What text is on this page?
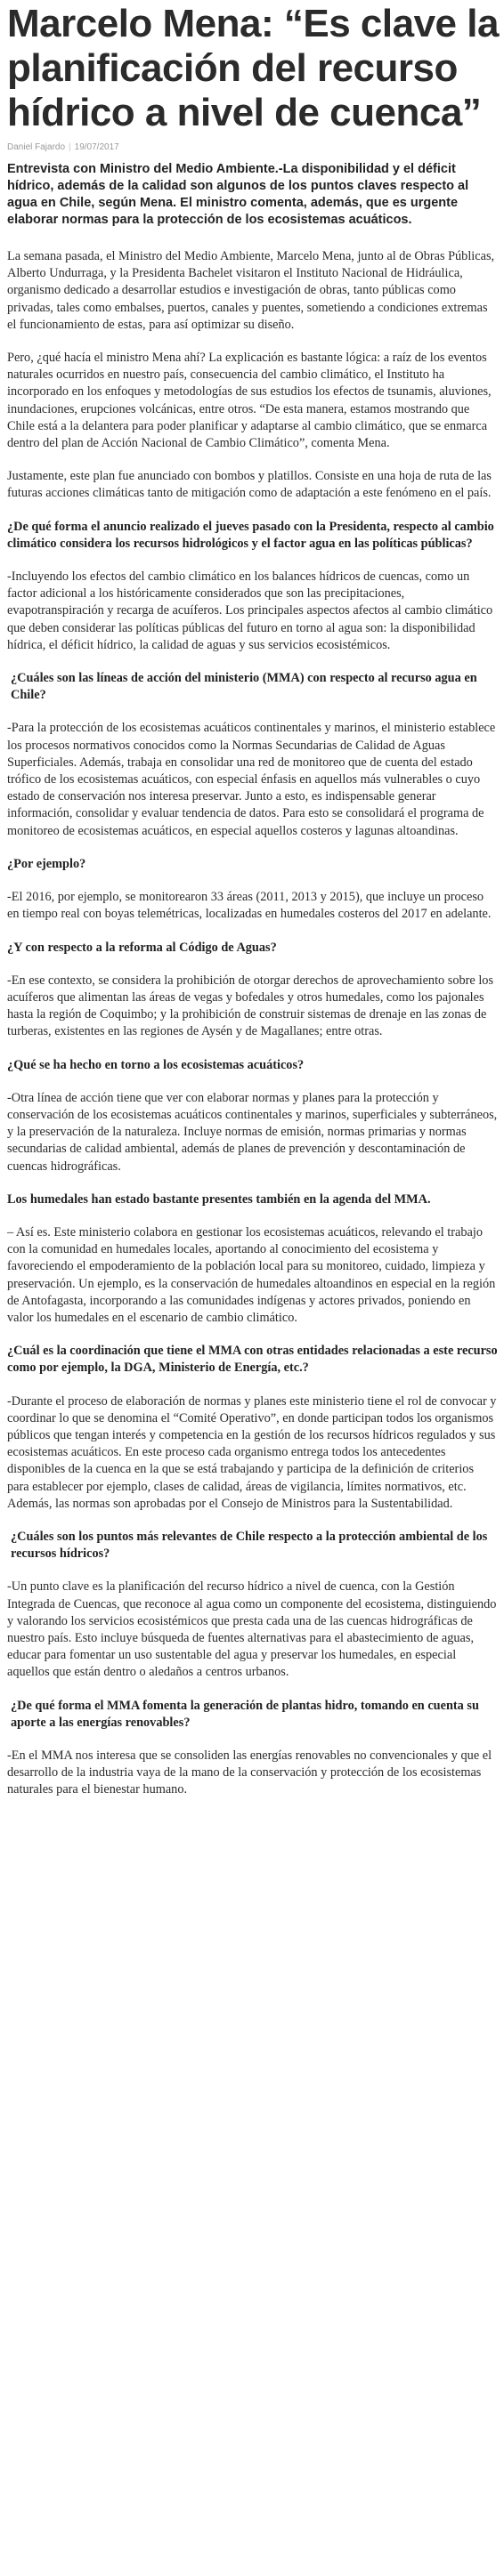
Marcelo Mena: “Es clave la planificación del recurso hídrico a nivel de cuenca”
Daniel Fajardo | 19/07/2017
Entrevista con Ministro del Medio Ambiente.-La disponibilidad y el déficit hídrico, además de la calidad son algunos de los puntos claves respecto al agua en Chile, según Mena. El ministro comenta, además, que es urgente elaborar normas para la protección de los ecosistemas acuáticos.

La semana pasada, el Ministro del Medio Ambiente, Marcelo Mena, junto al de Obras Públicas, Alberto Undurraga, y la Presidenta Bachelet visitaron el Instituto Nacional de Hidráulica, organismo dedicado a desarrollar estudios e investigación de obras, tanto públicas como privadas, tales como embalses, puertos, canales y puentes, sometiendo a condiciones extremas el funcionamiento de estas, para así optimizar su diseño.

Pero, ¿qué hacía el ministro Mena ahí? La explicación es bastante lógica: a raíz de los eventos naturales ocurridos en nuestro país, consecuencia del cambio climático, el Instituto ha incorporado en los enfoques y metodologías de sus estudios los efectos de tsunamis, aluviones, inundaciones, erupciones volcánicas, entre otros. “De esta manera, estamos mostrando que Chile está a la delantera para poder planificar y adaptarse al cambio climático, que se enmarca dentro del plan de Acción Nacional de Cambio Climático”, comenta Mena.

Justamente, este plan fue anunciado con bombos y platillos. Consiste en una hoja de ruta de las futuras acciones climáticas tanto de mitigación como de adaptación a este fenómeno en el país.

¿De qué forma el anuncio realizado el jueves pasado con la Presidenta, respecto al cambio climático considera los recursos hidrológicos y el factor agua en las políticas públicas?

-Incluyendo los efectos del cambio climático en los balances hídricos de cuencas, como un factor adicional a los históricamente considerados que son las precipitaciones, evapotranspiración y recarga de acuíferos. Los principales aspectos afectos al cambio climático que deben considerar las políticas públicas del futuro en torno al agua son: la disponibilidad hídrica, el déficit hídrico, la calidad de aguas y sus servicios ecosistémicos.

¿Cuáles son las líneas de acción del ministerio (MMA) con respecto al recurso agua en Chile?

-Para la protección de los ecosistemas acuáticos continentales y marinos, el ministerio establece los procesos normativos conocidos como la Normas Secundarias de Calidad de Aguas Superficiales. Además, trabaja en consolidar una red de monitoreo que de cuenta del estado trófico de los ecosistemas acuáticos, con especial énfasis en aquellos más vulnerables o cuyo estado de conservación nos interesa preservar. Junto a esto, es indispensable generar información, consolidar y evaluar tendencia de datos. Para esto se consolidará el programa de monitoreo de ecosistemas acuáticos, en especial aquellos costeros y lagunas altoandinas.

¿Por ejemplo?

-El 2016, por ejemplo, se monitorearon 33 áreas (2011, 2013 y 2015), que incluye un proceso en tiempo real con boyas telemétricas, localizadas en humedales costeros del 2017 en adelante.

¿Y con respecto a la reforma al Código de Aguas?

-En ese contexto, se considera la prohibición de otorgar derechos de aprovechamiento sobre los acuíferos que alimentan las áreas de vegas y bofedales y otros humedales, como los pajonales hasta la región de Coquimbo; y la prohibición de construir sistemas de drenaje en las zonas de turberas, existentes en las regiones de Aysén y de Magallanes; entre otras.

¿Qué se ha hecho en torno a los ecosistemas acuáticos?

-Otra línea de acción tiene que ver con elaborar normas y planes para la protección y conservación de los ecosistemas acuáticos continentales y marinos, superficiales y subterráneos, y la preservación de la naturaleza. Incluye normas de emisión, normas primarias y normas secundarias de calidad ambiental, además de planes de prevención y descontaminación de cuencas hidrográficas.

Los humedales han estado bastante presentes también en la agenda del MMA.

– Así es. Este ministerio colabora en gestionar los ecosistemas acuáticos, relevando el trabajo con la comunidad en humedales locales, aportando al conocimiento del ecosistema y favoreciendo el empoderamiento de la población local para su monitoreo, cuidado, limpieza y preservación. Un ejemplo, es la conservación de humedales altoandinos en especial en la región de Antofagasta, incorporando a las comunidades indígenas y actores privados, poniendo en valor los humedales en el escenario de cambio climático.

¿Cuál es la coordinación que tiene el MMA con otras entidades relacionadas a este recurso como por ejemplo, la DGA, Ministerio de Energía, etc.?

-Durante el proceso de elaboración de normas y planes este ministerio tiene el rol de convocar y coordinar lo que se denomina el “Comité Operativo”, en donde participan todos los organismos públicos que tengan interés y competencia en la gestión de los recursos hídricos regulados y sus ecosistemas acuáticos. En este proceso cada organismo entrega todos los antecedentes disponibles de la cuenca en la que se está trabajando y participa de la definición de criterios para establecer por ejemplo, clases de calidad, áreas de vigilancia, límites normativos, etc. Además, las normas son aprobadas por el Consejo de Ministros para la Sustentabilidad.

¿Cuáles son los puntos más relevantes de Chile respecto a la protección ambiental de los recursos hídricos?

-Un punto clave es la planificación del recurso hídrico a nivel de cuenca, con la Gestión Integrada de Cuencas, que reconoce al agua como un componente del ecosistema, distinguiendo y valorando los servicios ecosistémicos que presta cada una de las cuencas hidrográficas de nuestro país. Esto incluye búsqueda de fuentes alternativas para el abastecimiento de aguas, educar para fomentar un uso sustentable del agua y preservar los humedales, en especial aquellos que están dentro o aledaños a centros urbanos.

¿De qué forma el MMA fomenta la generación de plantas hidro, tomando en cuenta su aporte a las energías renovables?

-En el MMA nos interesa que se consoliden las energías renovables no convencionales y que el desarrollo de la industria vaya de la mano de la conservación y protección de los ecosistemas naturales para el bienestar humano.
